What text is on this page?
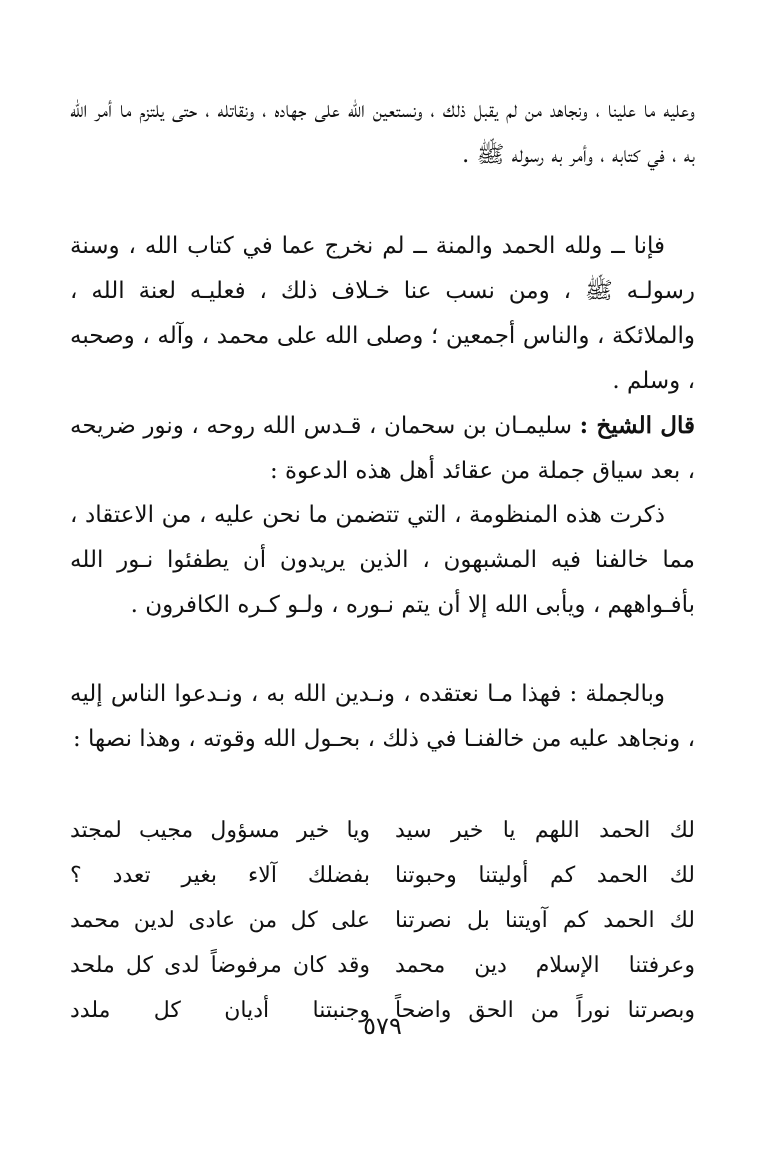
وعليه ما علينا ، ونجاهد من لم يقبل ذلك ، ونستعين الله على جهاده ، ونقاتله ، حتى يلتزم ما أمر الله به ، في كتابه ، وأمر به رسوله ﷺ .

فإنا ــ ولله الحمد والمنة ــ لم نخرج عما في كتاب الله ، وسنة رسولـه ﷺ ، ومن نسب عنا خـلاف ذلك ، فعليـه لعنة الله ، والملائكة ، والناس أجمعين ؛ وصلى الله على محمد ، وآله ، وصحبه ، وسلم .

قال الشيخ : سليمـان بن سحمان ، قـدس الله روحه ، ونور ضريحه ، بعد سياق جملة من عقائد أهل هذه الدعوة :

ذكرت هذه المنظومة ، التي تتضمن ما نحن عليه ، من الاعتقاد ، مما خالفنا فيه المشبهون ، الذين يريدون أن يطفئوا نـور الله بأفـواههم ، ويأبى الله إلا أن يتم نـوره ، ولـو كـره الكافرون .

وبالجملة : فهذا مـا نعتقده ، ونـدين الله به ، ونـدعوا الناس إليه ، ونجاهد عليه من خالفنـا في ذلك ، بحـول الله وقوته ، وهذا نصها :

لك الحمد اللهم يا خير سيد
ويا خير مسؤول مجيب لمجتد
لك الحمد كم أوليتنا وحبوتنا
بفضلك آلاء بغير تعدد ؟
لك الحمد كم آويتنا بل نصرتنا
على كل من عادى لدين محمد
وعرفتنا الإسلام دين محمد
وقد كان مرفوضاً لدى كل ملحد
وبصرتنا نوراً من الحق واضحاً
وجنبتنا أديان كل ملدد
٥٧٩
